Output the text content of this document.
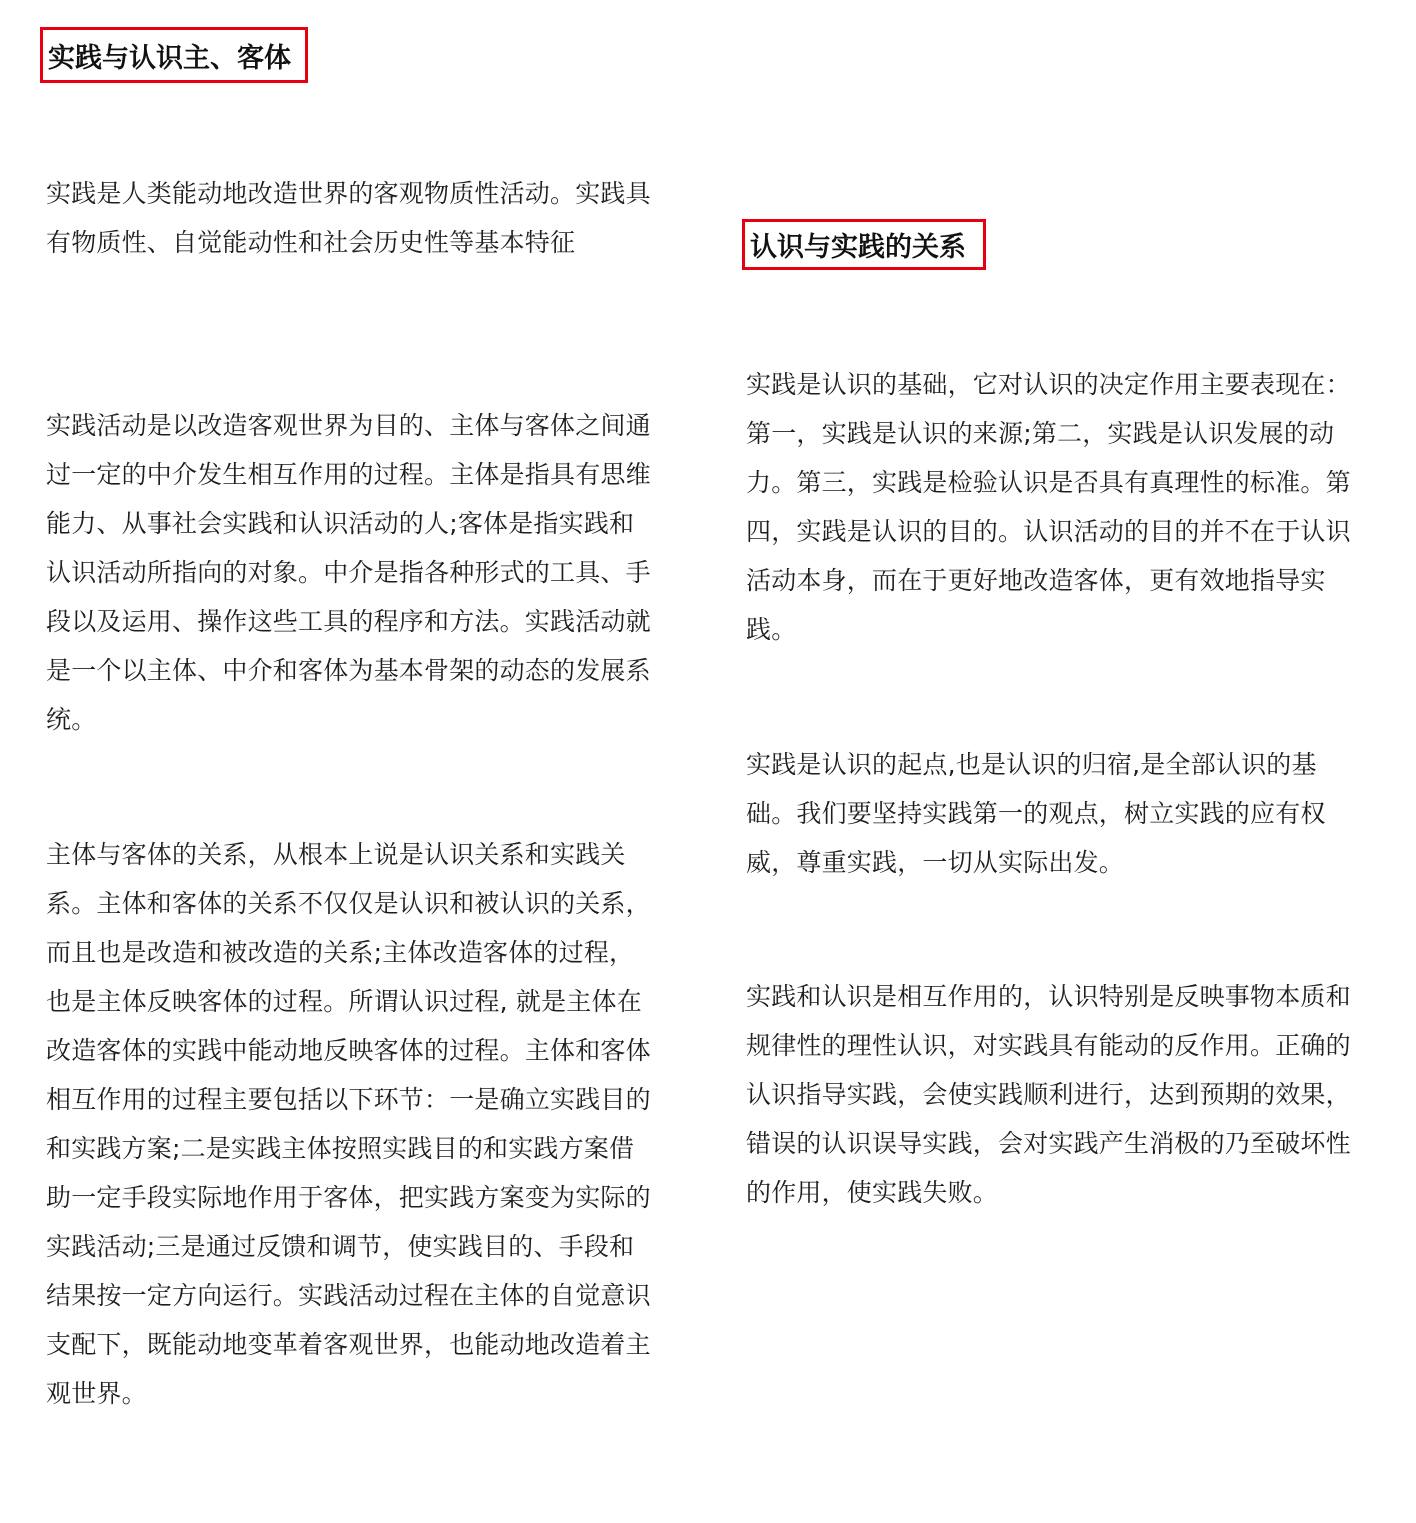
实践与认识主、客体

实践是人类能动地改造世界的客观物质性活动。实践具有物质性、自觉能动性和社会历史性等基本特征

实践活动是以改造客观世界为目的、主体与客体之间通过一定的中介发生相互作用的过程。主体是指具有思维能力、从事社会实践和认识活动的人;客体是指实践和认识活动所指向的对象。中介是指各种形式的工具、手段以及运用、操作这些工具的程序和方法。实践活动就是一个以主体、中介和客体为基本骨架的动态的发展系统。

主体与客体的关系，从根本上说是认识关系和实践关系。主体和客体的关系不仅仅是认识和被认识的关系，而且也是改造和被改造的关系;主体改造客体的过程，也是主体反映客体的过程。所谓认识过程, 就是主体在改造客体的实践中能动地反映客体的过程。主体和客体相互作用的过程主要包括以下环节：一是确立实践目的和实践方案;二是实践主体按照实践目的和实践方案借助一定手段实际地作用于客体，把实践方案变为实际的实践活动;三是通过反馈和调节，使实践目的、手段和结果按一定方向运行。实践活动过程在主体的自觉意识支配下，既能动地变革着客观世界，也能动地改造着主观世界。

认识与实践的关系

实践是认识的基础，它对认识的决定作用主要表现在：第一，实践是认识的来源;第二，实践是认识发展的动力。第三，实践是检验认识是否具有真理性的标准。第四，实践是认识的目的。认识活动的目的并不在于认识活动本身，而在于更好地改造客体，更有效地指导实践。

实践是认识的起点,也是认识的归宿,是全部认识的基础。我们要坚持实践第一的观点，树立实践的应有权威，尊重实践，一切从实际出发。

实践和认识是相互作用的，认识特别是反映事物本质和规律性的理性认识，对实践具有能动的反作用。正确的认识指导实践，会使实践顺利进行，达到预期的效果，错误的认识误导实践，会对实践产生消极的乃至破坏性的作用，使实践失败。
